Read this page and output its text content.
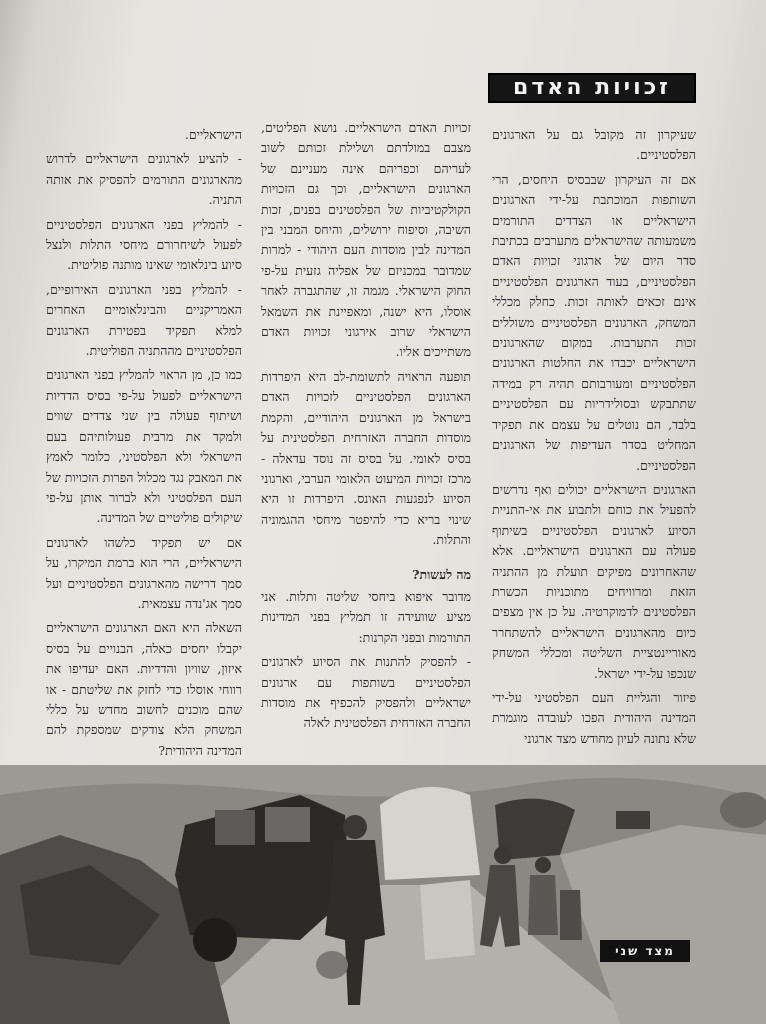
זכויות האדם

שעיקרון זה מקובל גם על הארגונים הפלסטיניים.

אם זה העיקרון שבבסיס היחסים, הרי השותפות המוכתבת על-ידי הארגונים הישראליים או הצדדים התורמים משמעותה שהישראלים מתערבים בכתיבת סדר היום של ארגוני זכויות האדם הפלסטיניים, בעוד הארגונים הפלסטיניים אינם זכאים לאותה זכות. כחלק מכללי המשחק, הארגונים הפלסטיניים משוללים זכות התערבות. במקום שהארגונים הישראליים יכבדו את החלטות הארגונים הפלסטיניים ומעורבותם תהיה רק במידה שתתבקש ובסולידריות עם הפלסטיניים בלבד, הם נוטלים על עצמם את תפקיד המחליט בסדר העדיפות של הארגונים הפלסטיניים.

הארגונים הישראליים יכולים ואף נדרשים להפעיל את כוחם ולתבוע את אי-התניית הסיוע לארגונים הפלסטיניים בשיתוף פעולה עם הארגונים הישראליים. אלא שהאחרונים מפיקים תועלת מן ההתניה הזאת ומרוויחים מתוכניות הכשרת הפלסטינים לדמוקרטיה. על כן אין מצפים כיום מהארגונים הישראליים להשתחרר מאוריינטציית השליטה ומכללי המשחק שנכפו על-ידי ישראל.

פיזור והגליית העם הפלסטיני על-ידי המדינה היהודית הפכו לעובדה מוגמרת שלא נתונה לעיון מחודש מצד ארגוני

זכויות האדם הישראליים. נושא הפליטים, מצבם במולדתם ושלילת זכותם לשוב לעריהם וכפריהם אינה מעניינם של הארגונים הישראליים, וכך גם הזכויות הקולקטיביות של הפלסטינים בפנים, זכות השיבה, וסיפוח ירושלים, והיחס המבני בין המדינה לבין מוסדות העם היהודי - למרות שמדובר במכניזם של אפליה גזעית על-פי החוק הישראלי. מגמה זו, שהתגברה לאחר אוסלו, היא ישנה, ומאפיינת את השמאל הישראלי שרוב אירגוני זכויות האדם משתייכים אליו.

תופעה הראויה לתשומת-לב היא היפרדות הארגונים הפלסטיניים לזכויות האדם בישראל מן הארגונים היהודיים, והקמת מוסדות החברה האזרחית הפלסטינית על בסיס לאומי. על בסיס זה נוסד עדאלה - מרכז זכויות המיעוט הלאומי הערבי, וארגוני הסיוע לנפגעות האונס. היפרדות זו היא שינוי בריא כדי להיפטר מיחסי ההגמוניה והתלות.

מה לעשות?

מדובר איפוא ביחסי שליטה ותלות. אני מציע שוועידה זו תמליץ בפני המדינות התורמות ובפני הקרנות:

- להפסיק להתנות את הסיוע לארגונים הפלסטיניים בשותפות עם ארגונים ישראליים ולהפסיק להכפיף את מוסדות החברה האזרחית הפלסטינית לאלה

הישראליים.

- להציע לארגונים הישראליים לדרוש מהארגונים התורמים להפסיק את אותה התניה.

- להמליץ בפני הארגונים הפלסטיניים לפעול לשיחרורם מיחסי התלות ולנצל סיוע בינלאומי שאינו מותנה פוליטית.

- להמליץ בפני הארגונים האירופיים, האמריקניים והבינלאומיים האחרים למלא תפקיד בפטירת הארגונים הפלסטיניים מההתניה הפוליטית.

כמו כן, מן הראוי להמליץ בפני הארגונים הישראליים לפעול על-פי בסיס הדדיות ושיתוף פעולה בין שני צדדים שווים ולמקד את מרבית פעולותיהם בעם הישראלי ולא הפלסטיני, כלומר לאמץ את המאבק נגד מכלול הפרות הזכויות של העם הפלסטיני ולא לברור אותן על-פי שיקולים פוליטיים של המדינה.

אם יש תפקיד כלשהו לארגונים הישראליים, הרי הוא ברמת המיקרו, על סמך דרישה מהארגונים הפלסטיניים ועל סמך אג'נדה עצמאית.

השאלה היא האם הארגונים הישראליים יקבלו יחסים כאלה, הבנויים על בסיס איזון, שוויון והדדיות. האם יעדיפו את רווחי אוסלו כדי לחזק את שליטתם - או שהם מוכנים לחשוב מחדש על כללי המשחק הלא צודקים שמספקת להם המדינה היהודית?

מצד שני
